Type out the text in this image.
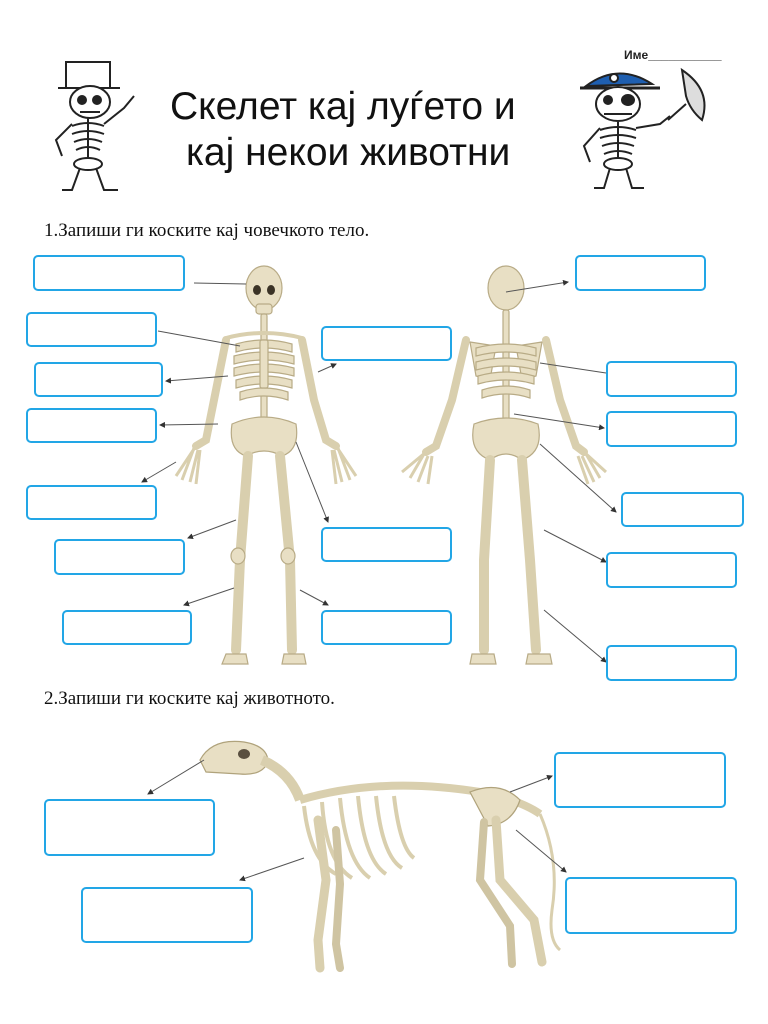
Скелет кај луѓето и
кај некои животни
Име___________
1.Запиши ги коските кај човечкото тело.
2.Запиши ги коските кај животното.
